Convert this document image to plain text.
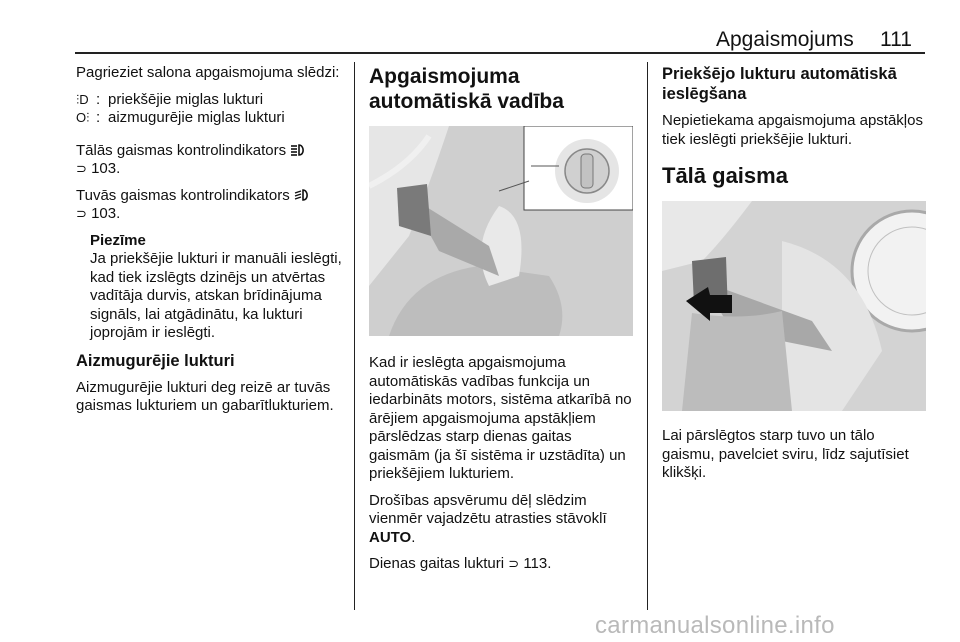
Apgaismojums 111

Pagrieziet salona apgaismojuma slēdzi:

⫶D : priekšējie miglas lukturi
O⫶ : aizmugurējie miglas lukturi

Tālās gaismas kontrolindikators
⊃ 103.

Tuvās gaismas kontrolindikators
⊃ 103.

Piezīme

Ja priekšējie lukturi ir manuāli ieslēgti, kad tiek izslēgts dzinējs un atvērtas vadītāja durvis, atskan brīdinājuma signāls, lai atgādinātu, ka lukturi joprojām ir ieslēgti.

Aizmugurējie lukturi

Aizmugurējie lukturi deg reizē ar tuvās gaismas lukturiem un gabarītlukturiem.

Apgaismojuma automātiskā vadība

Kad ir ieslēgta apgaismojuma automātiskās vadības funkcija un iedarbināts motors, sistēma atkarībā no ārējiem apgaismojuma apstākļiem pārslēdzas starp dienas gaitas gaismām (ja šī sistēma ir uzstādīta) un priekšējiem lukturiem.

Drošības apsvērumu dēļ slēdzim vienmēr vajadzētu atrasties stāvoklī AUTO.

Dienas gaitas lukturi ⊃ 113.

Priekšējo lukturu automātiskā ieslēgšana

Nepietiekama apgaismojuma apstākļos tiek ieslēgti priekšējie lukturi.

Tālā gaisma

Lai pārslēgtos starp tuvo un tālo gaismu, pavelciet sviru, līdz sajutīsiet klikšķi.

carmanualsonline.info
